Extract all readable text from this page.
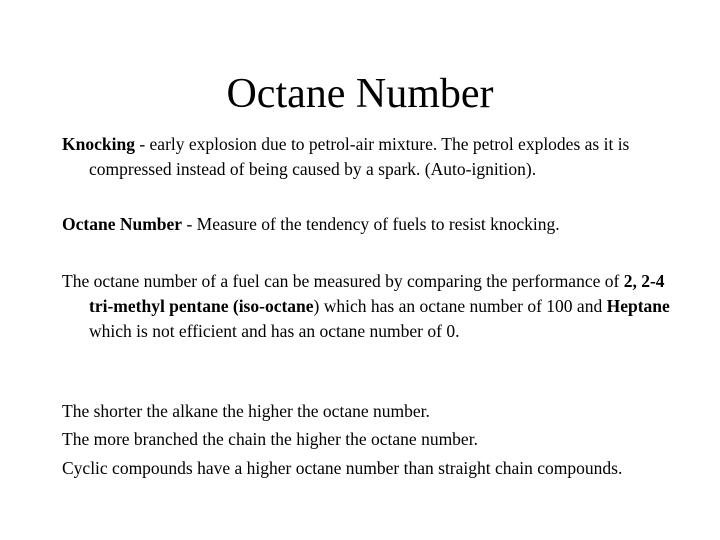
Octane Number
Knocking - early explosion due to petrol-air mixture. The petrol explodes as it is compressed instead of being caused by a spark. (Auto-ignition).
Octane Number - Measure of the tendency of fuels to resist knocking.
The octane number of a fuel can be measured by comparing the performance of 2, 2-4 tri-methyl pentane (iso-octane) which has an octane number of 100 and Heptane which is not efficient and has an octane number of 0.
The shorter the alkane the higher the octane number.
The more branched the chain the higher the octane number.
Cyclic compounds have a higher octane number than straight chain compounds.
